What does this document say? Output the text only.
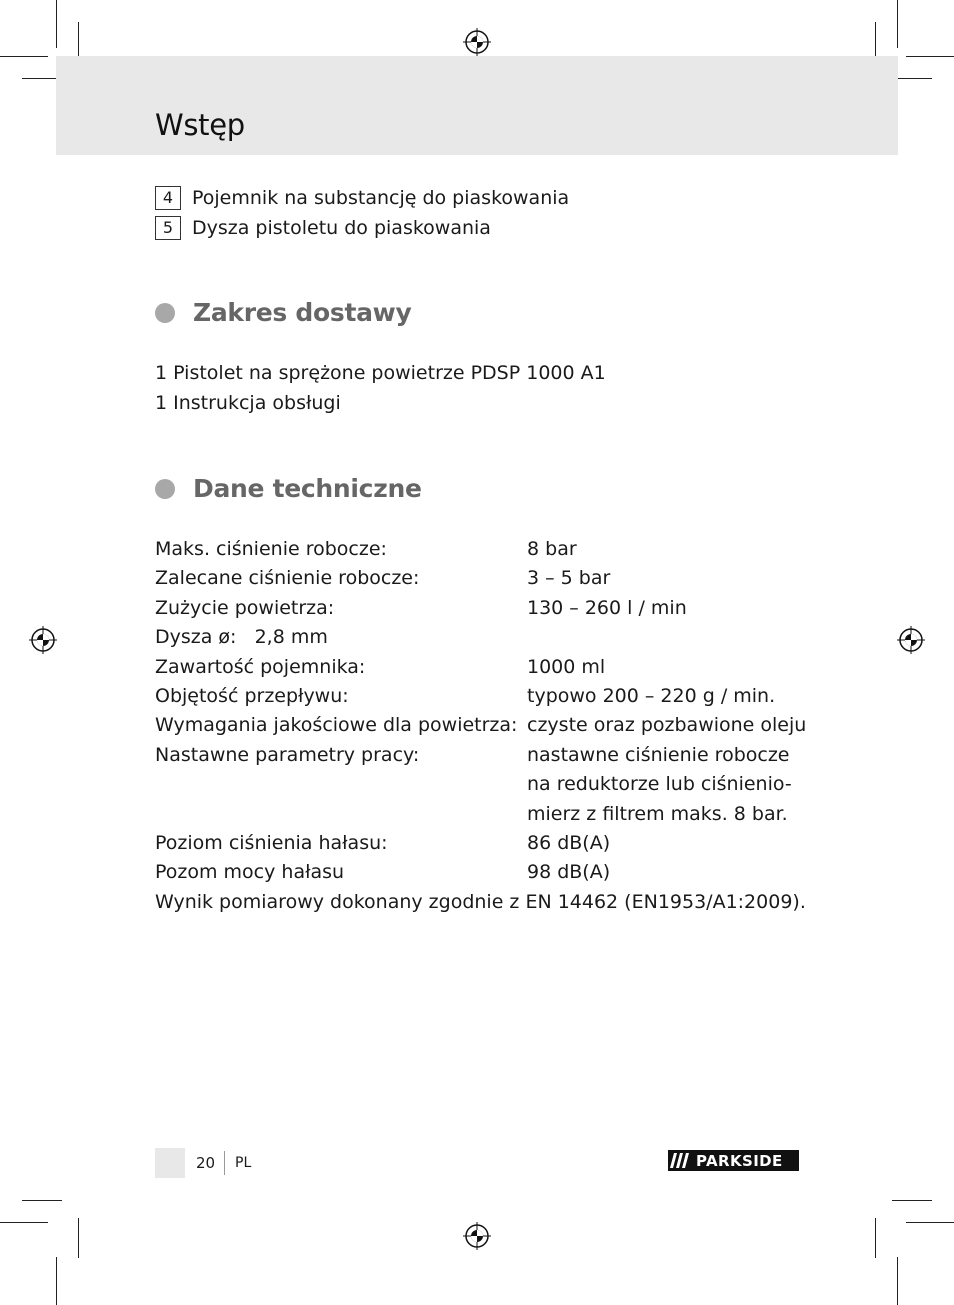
Wstęp
4 Pojemnik na substancję do piaskowania
5 Dysza pistoletu do piaskowania
Zakres dostawy
1 Pistolet na sprężone powietrze PDSP 1000 A1
1 Instrukcja obsługi
Dane techniczne
Maks. ciśnienie robocze:	8 bar
Zalecane ciśnienie robocze:	3 – 5 bar
Zużycie powietrza:	130 – 260 l / min
Dysza ø:   2,8 mm
Zawartość pojemnika:	1000 ml
Objętość przepływu:	typowo 200 – 220 g / min.
Wymagania jakościowe dla powietrza: czyste oraz pozbawione oleju
Nastawne parametry pracy:	nastawne ciśnienie robocze
na reduktorze lub ciśnienio-
mierz z filtrem maks. 8 bar.
Poziom ciśnienia hałasu:	86 dB(A)
Pozom mocy hałasu	98 dB(A)
Wynik pomiarowy dokonany zgodnie z EN 14462 (EN1953/A1:2009).
20 PL	PARKSIDE
